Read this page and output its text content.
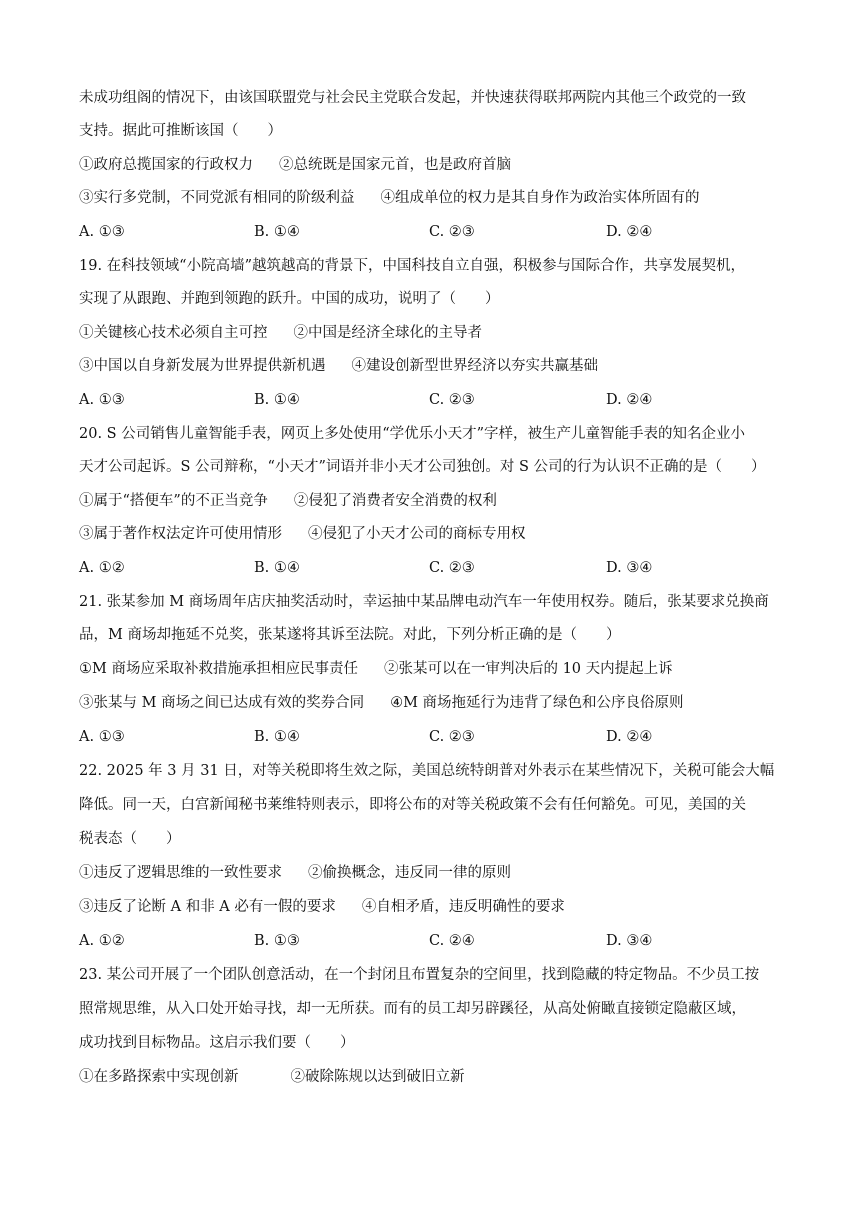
未成功组阁的情况下，由该国联盟党与社会民主党联合发起，并快速获得联邦两院内其他三个政党的一致
支持。据此可推断该国（　　）
①政府总揽国家的行政权力 ②总统既是国家元首，也是政府首脑
③实行多党制，不同党派有相同的阶级利益 ④组成单位的权力是其自身作为政治实体所固有的
A. ①③	B. ①④	C. ②③	D. ②④
19. 在科技领域“小院高墙”越筑越高的背景下，中国科技自立自强，积极参与国际合作，共享发展契机，
实现了从跟跑、并跑到领跑的跃升。中国的成功，说明了（　　）
①关键核心技术必须自主可控 ②中国是经济全球化的主导者
③中国以自身新发展为世界提供新机遇 ④建设创新型世界经济以夯实共赢基础
A. ①③	B. ①④	C. ②③	D. ②④
20. S 公司销售儿童智能手表，网页上多处使用“学优乐小天才”字样，被生产儿童智能手表的知名企业小
天才公司起诉。S 公司辩称，“小天才”词语并非小天才公司独创。对 S 公司的行为认识不正确的是（　　）
①属于“搭便车”的不正当竞争 ②侵犯了消费者安全消费的权利
③属于著作权法定许可使用情形 ④侵犯了小天才公司的商标专用权
A. ①②	B. ①④	C. ②③	D. ③④
21. 张某参加 M 商场周年店庆抽奖活动时，幸运抽中某品牌电动汽车一年使用权券。随后，张某要求兑换商
品，M 商场却拖延不兑奖，张某遂将其诉至法院。对此，下列分析正确的是（　　）
①M 商场应采取补救措施承担相应民事责任 ②张某可以在一审判决后的 10 天内提起上诉
③张某与 M 商场之间已达成有效的奖券合同 ④M 商场拖延行为违背了绿色和公序良俗原则
A. ①③	B. ①④	C. ②③	D. ②④
22. 2025 年 3 月 31 日，对等关税即将生效之际，美国总统特朗普对外表示在某些情况下，关税可能会大幅
降低。同一天，白宫新闻秘书莱维特则表示，即将公布的对等关税政策不会有任何豁免。可见，美国的关
税表态（　　）
①违反了逻辑思维的一致性要求 ②偷换概念，违反同一律的原则
③违反了论断 A 和非 A 必有一假的要求 ④自相矛盾，违反明确性的要求
A. ①②	B. ①③	C. ②④	D. ③④
23. 某公司开展了一个团队创意活动，在一个封闭且布置复杂的空间里，找到隐藏的特定物品。不少员工按
照常规思维，从入口处开始寻找，却一无所获。而有的员工却另辟蹊径，从高处俯瞰直接锁定隐蔽区域，
成功找到目标物品。这启示我们要（　　）
①在多路探索中实现创新	②破除陈规以达到破旧立新
